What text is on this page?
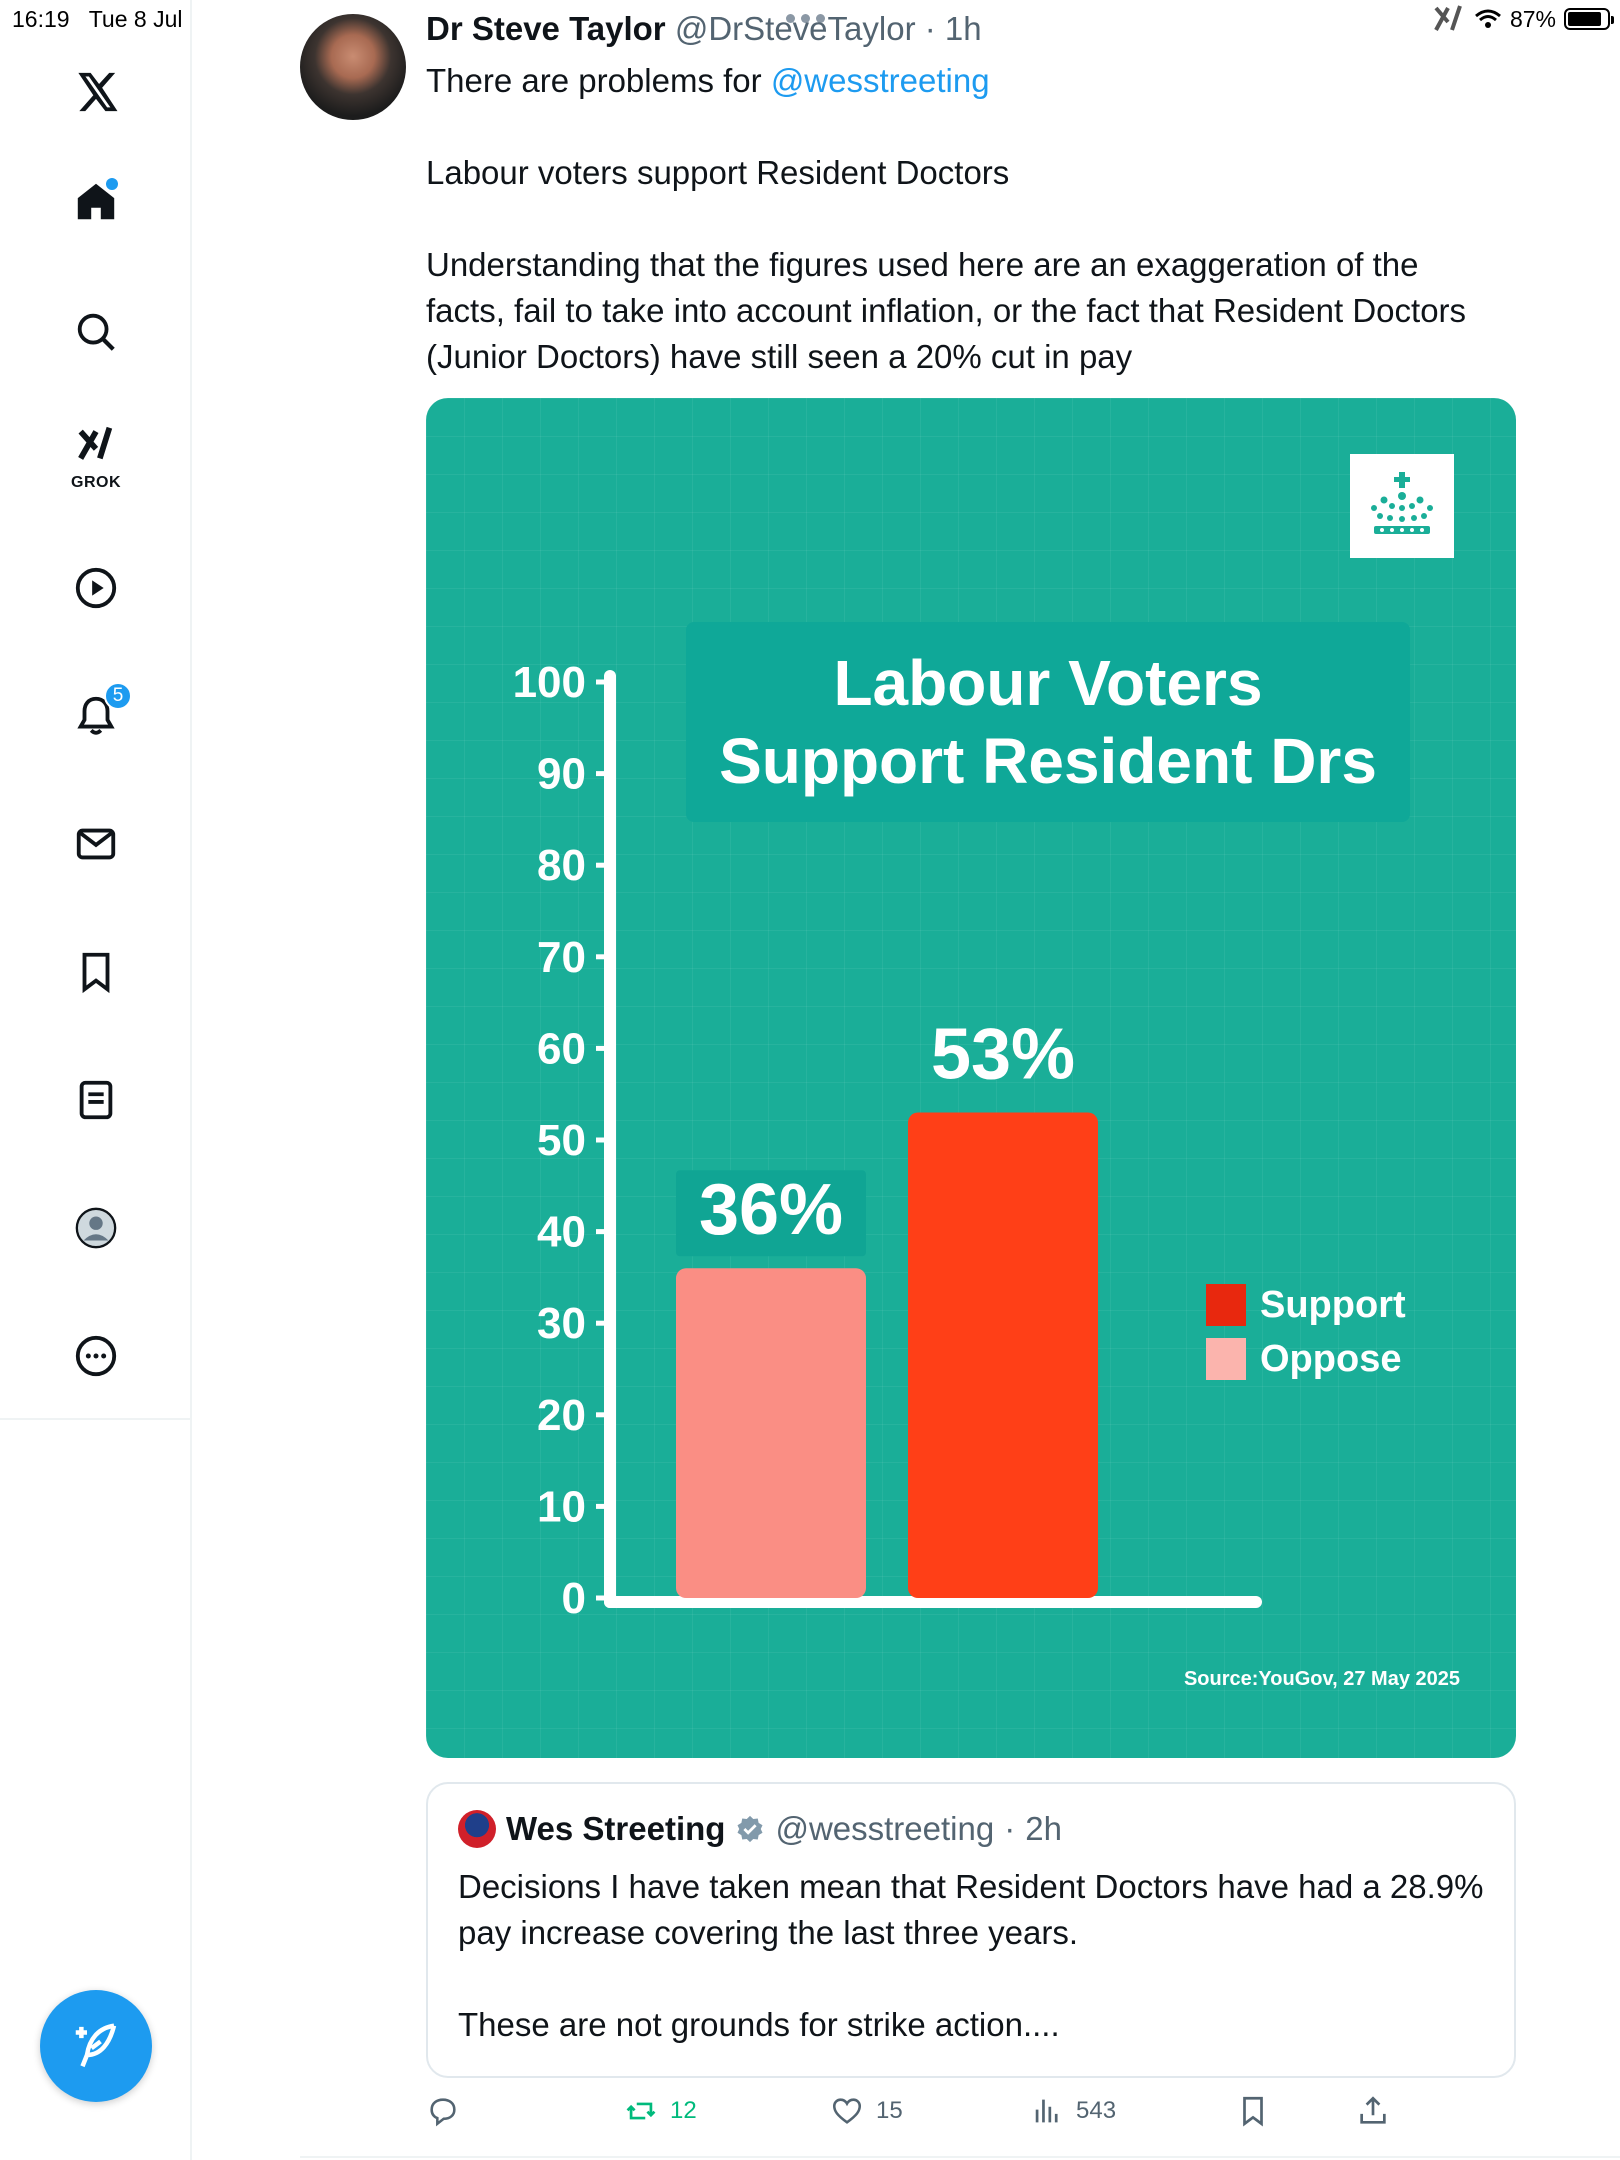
16:19 Tue 8 Jul	87%
GROK
5
Dr Steve Taylor @DrSteveTaylor · 1h

There are problems for @wesstreeting

Labour voters support Resident Doctors

Understanding that the figures used here are an exaggeration of the facts, fail to take into account inflation, or the fact that Resident Doctors (Junior Doctors) have still seen a 20% cut in pay

0
10
20
30
40
50
60
70
80
90
100
36%
53%
Labour Voters
Support Resident Drs
Support
Oppose
Source:YouGov, 27 May 2025
Wes Streeting @wesstreeting · 2h

Decisions I have taken mean that Resident Doctors have had a 28.9% pay increase covering the last three years.

These are not grounds for strike action....

12	15	543
